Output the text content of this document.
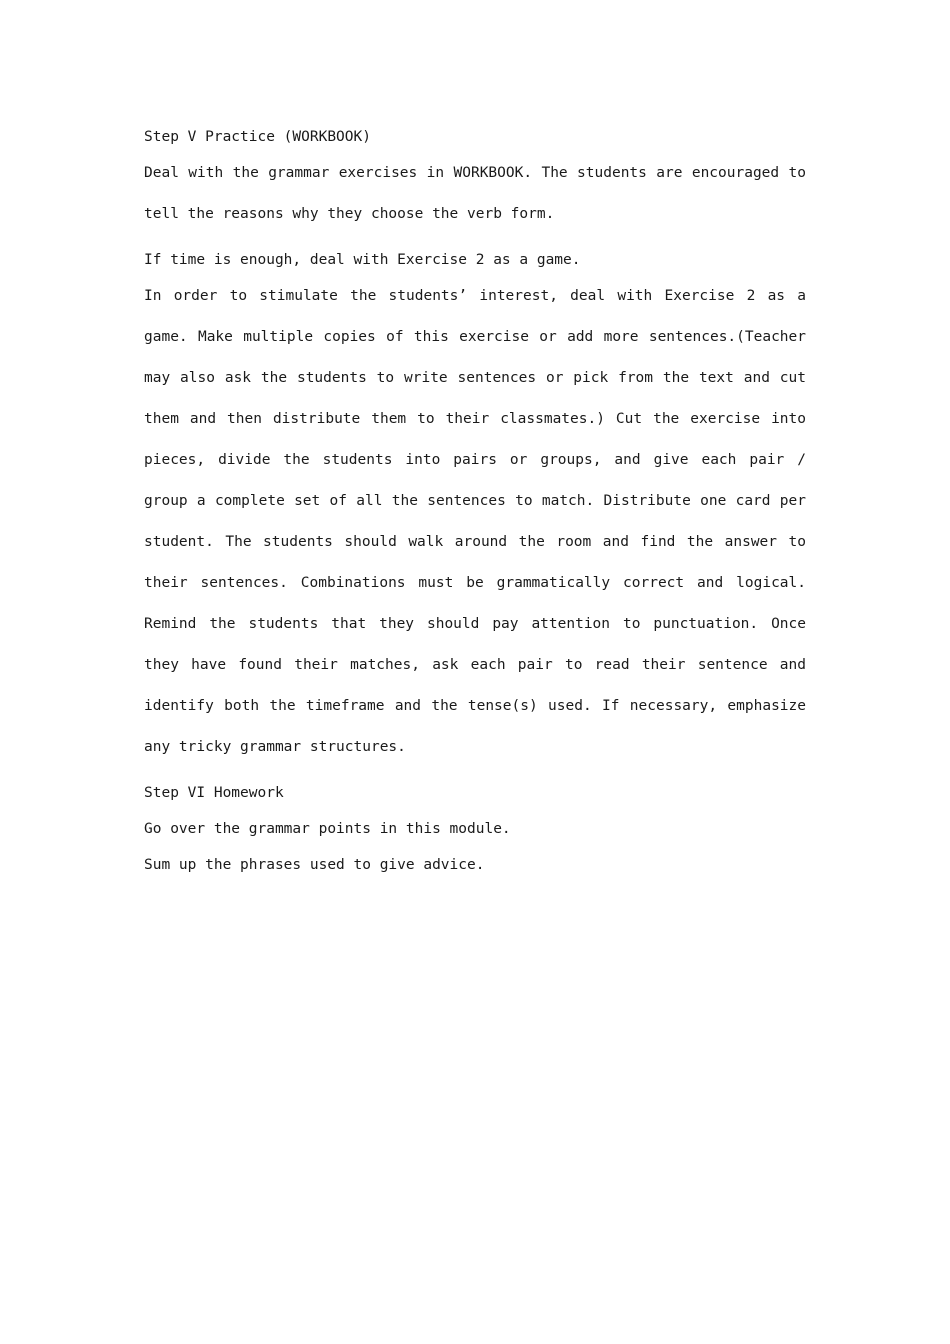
Step V Practice (WORKBOOK)

Deal with the grammar exercises in WORKBOOK. The students are encouraged to tell the reasons why they choose the verb form.

If time is enough, deal with Exercise 2 as a game.

In order to stimulate the students’ interest, deal with Exercise 2 as a game. Make multiple copies of this exercise or add more sentences.(Teacher may also ask the students to write sentences or pick from the text and cut them and then distribute them to their classmates.) Cut the exercise into pieces, divide the students into pairs or groups, and give each pair / group a complete set of all the sentences to match. Distribute one card per student. The students should walk around the room and find the answer to their sentences. Combinations must be grammatically correct and logical. Remind the students that they should pay attention to punctuation. Once they have found their matches, ask each pair to read their sentence and identify both the timeframe and the tense(s) used. If necessary, emphasize any tricky grammar structures.

Step VI Homework

Go over the grammar points in this module.

Sum up the phrases used to give advice.
